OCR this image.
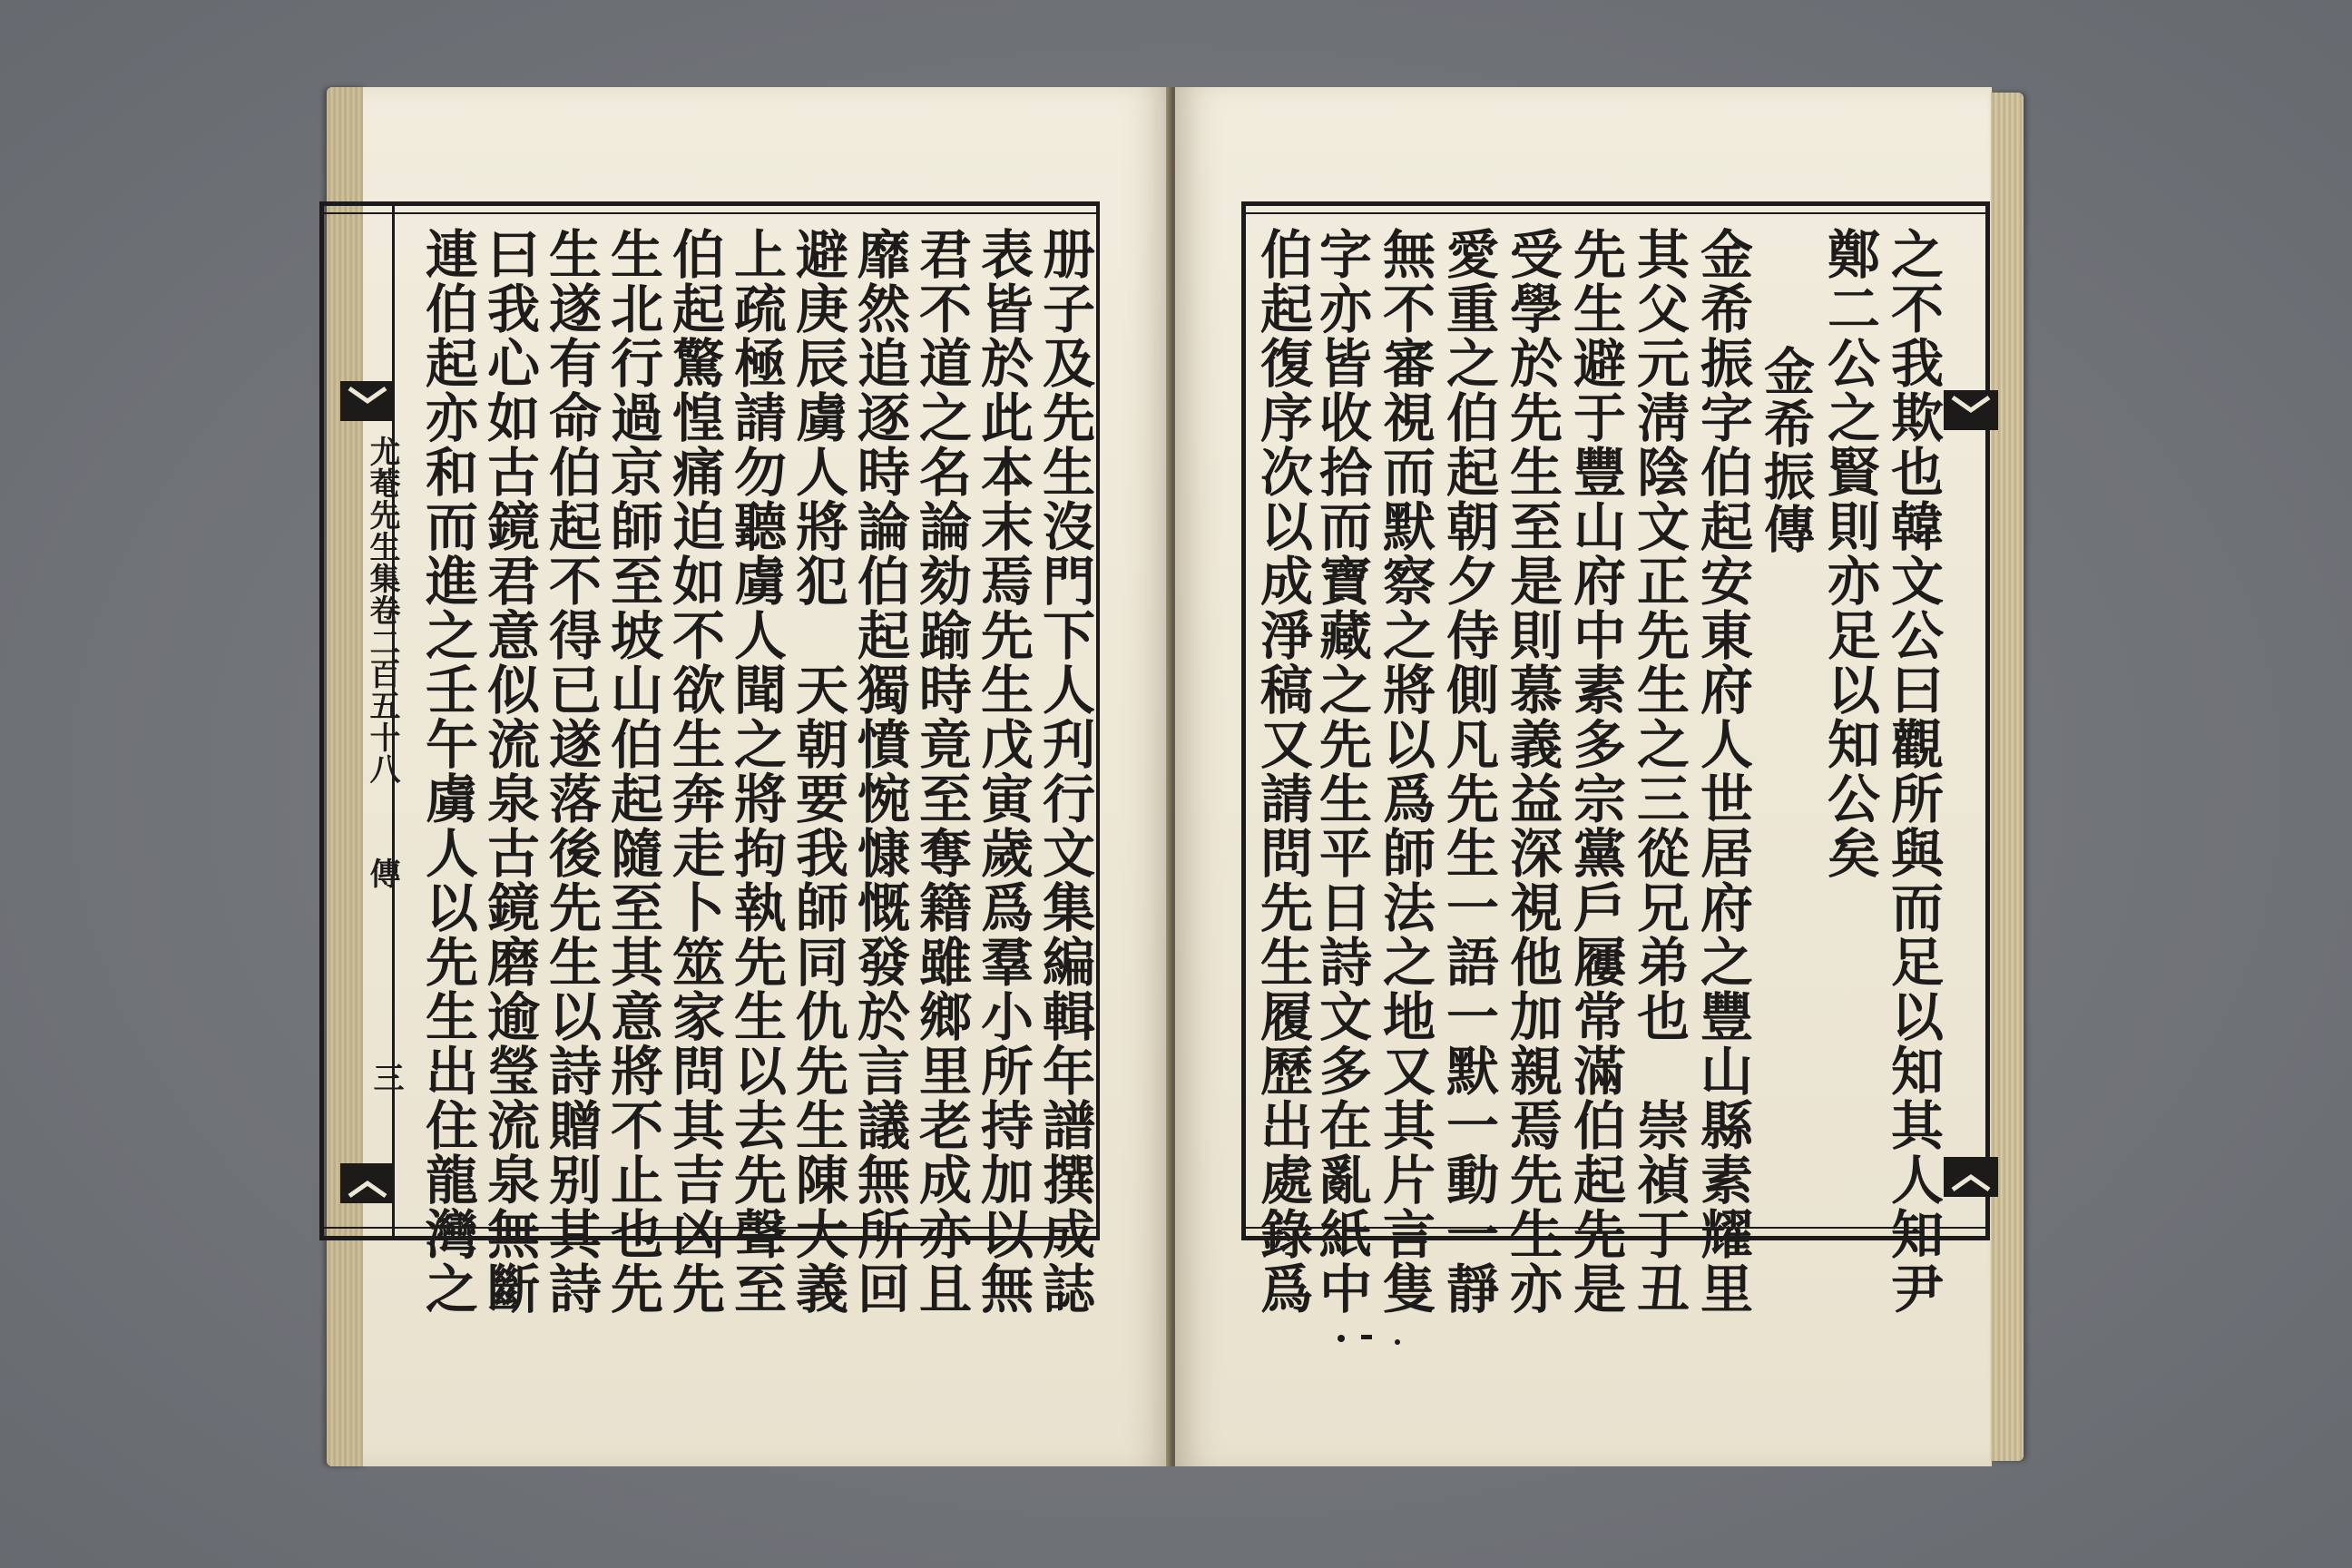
尤菴先生集卷二百五十八
傳
三	册子及先生沒門下人刋行文集編輯年譜撰成誌
表皆於此本末焉先生戊寅歲爲羣小所持加以無
君不道之名論劾踰時竟至奪籍雖鄉里老成亦且
靡然追逐時論伯起獨憤惋慷慨發於言議無所回
避庚辰虜人將犯　天朝要我師同仇先生陳大義
上疏極請勿聽虜人聞之將拘執先生以去先聲至
伯起驚惶痛迫如不欲生奔走卜筮家問其吉凶先
生北行過京師至坡山伯起隨至其意將不止也先
生遂有命伯起不得已遂落後先生以詩贈别其詩
曰我心如古鏡君意似流泉古鏡磨逾瑩流泉無斷
連伯起亦和而進之壬午虜人以先生出住龍灣之	之不我欺也韓文公曰觀所與而足以知其人知尹
鄭二公之賢則亦足以知公矣
金希振傳
金希振字伯起安東府人世居府之豐山縣素耀里
其父元淸陰文正先生之三從兄弟也　崇禎丁丑
先生避于豐山府中素多宗黨戶屨常滿伯起先是
受學於先生至是則慕義益深視他加親焉先生亦
愛重之伯起朝夕侍側凡先生一語一默一動一靜
無不審視而默察之將以爲師法之地又其片言隻
字亦皆收拾而寶藏之先生平日詩文多在亂紙中
伯起復序次以成淨稿又請問先生履歷出處錄爲
